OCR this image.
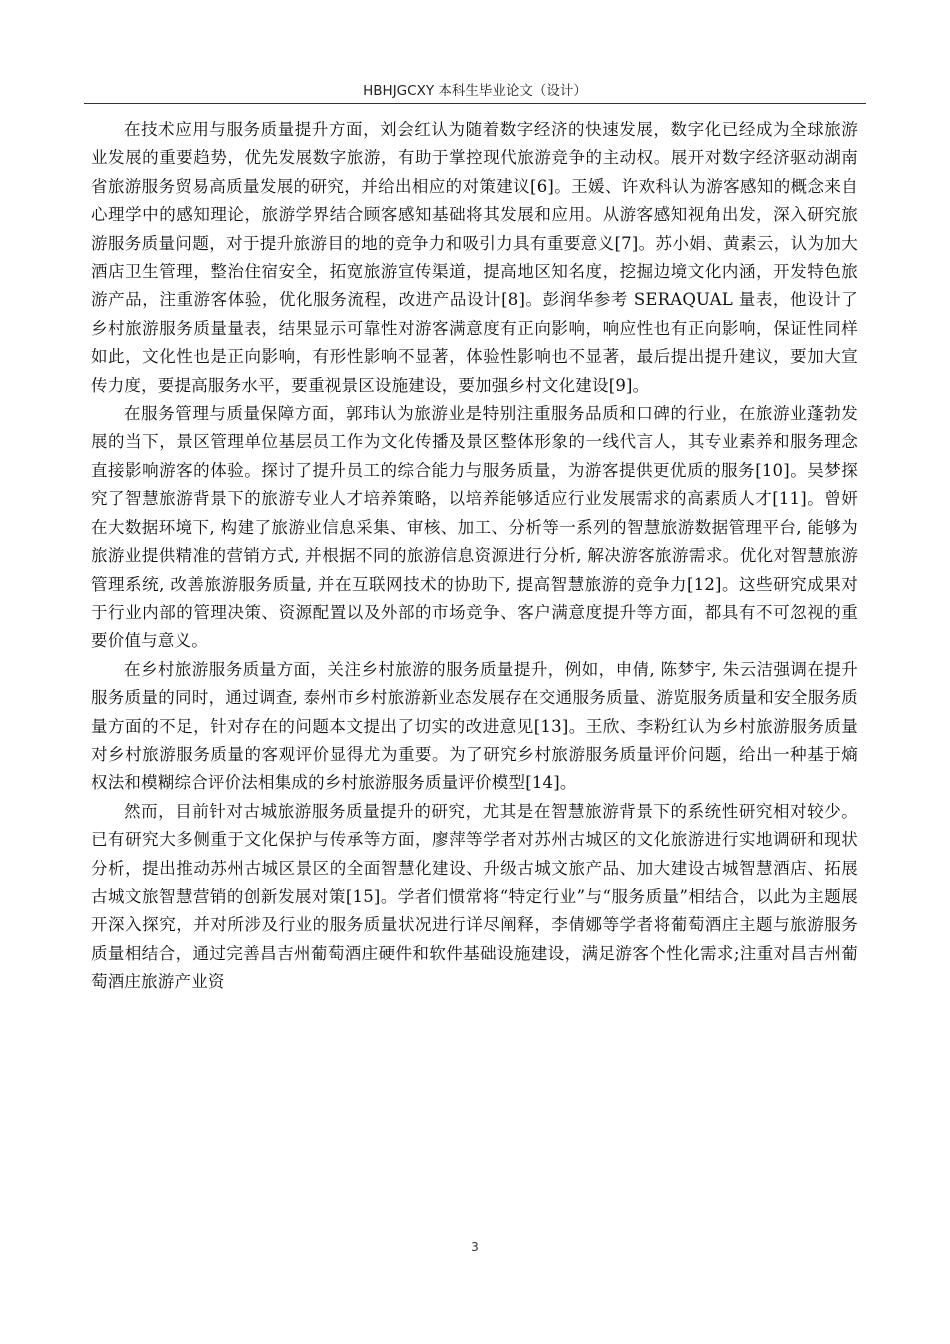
HBHJGCXY 本科生毕业论文（设计）

在技术应用与服务质量提升方面，刘会红认为随着数字经济的快速发展，数字化已经成为全球旅游业发展的重要趋势，优先发展数字旅游，有助于掌控现代旅游竞争的主动权。展开对数字经济驱动湖南省旅游服务贸易高质量发展的研究，并给出相应的对策建议[6]。王媛、许欢科认为游客感知的概念来自心理学中的感知理论，旅游学界结合顾客感知基础将其发展和应用。从游客感知视角出发，深入研究旅游服务质量问题，对于提升旅游目的地的竞争力和吸引力具有重要意义[7]。苏小娟、黄素云，认为加大酒店卫生管理，整治住宿安全，拓宽旅游宣传渠道，提高地区知名度，挖掘边境文化内涵，开发特色旅游产品，注重游客体验，优化服务流程，改进产品设计[8]。彭润华参考 SERAQUAL 量表，他设计了乡村旅游服务质量量表，结果显示可靠性对游客满意度有正向影响，响应性也有正向影响，保证性同样如此，文化性也是正向影响，有形性影响不显著，体验性影响也不显著，最后提出提升建议，要加大宣传力度，要提高服务水平，要重视景区设施建设，要加强乡村文化建设[9]。

在服务管理与质量保障方面，郭玮认为旅游业是特别注重服务品质和口碑的行业，在旅游业蓬勃发展的当下，景区管理单位基层员工作为文化传播及景区整体形象的一线代言人，其专业素养和服务理念直接影响游客的体验。探讨了提升员工的综合能力与服务质量，为游客提供更优质的服务[10]。吴梦探究了智慧旅游背景下的旅游专业人才培养策略，以培养能够适应行业发展需求的高素质人才[11]。曾妍在大数据环境下, 构建了旅游业信息采集、审核、加工、分析等一系列的智慧旅游数据管理平台, 能够为旅游业提供精准的营销方式, 并根据不同的旅游信息资源进行分析, 解决游客旅游需求。优化对智慧旅游管理系统, 改善旅游服务质量, 并在互联网技术的协助下, 提高智慧旅游的竞争力[12]。这些研究成果对于行业内部的管理决策、资源配置以及外部的市场竞争、客户满意度提升等方面，都具有不可忽视的重要价值与意义。

在乡村旅游服务质量方面，关注乡村旅游的服务质量提升，例如，申倩, 陈梦宇, 朱云洁强调在提升服务质量的同时，通过调查, 泰州市乡村旅游新业态发展存在交通服务质量、游览服务质量和安全服务质量方面的不足，针对存在的问题本文提出了切实的改进意见[13]。王欣、李粉红认为乡村旅游服务质量对乡村旅游服务质量的客观评价显得尤为重要。为了研究乡村旅游服务质量评价问题，给出一种基于熵权法和模糊综合评价法相集成的乡村旅游服务质量评价模型[14]。

然而，目前针对古城旅游服务质量提升的研究，尤其是在智慧旅游背景下的系统性研究相对较少。已有研究大多侧重于文化保护与传承等方面，廖萍等学者对苏州古城区的文化旅游进行实地调研和现状分析，提出推动苏州古城区景区的全面智慧化建设、升级古城文旅产品、加大建设古城智慧酒店、拓展古城文旅智慧营销的创新发展对策[15]。学者们惯常将“特定行业”与“服务质量”相结合，以此为主题展开深入探究，并对所涉及行业的服务质量状况进行详尽阐释，李倩娜等学者将葡萄酒庄主题与旅游服务质量相结合，通过完善昌吉州葡萄酒庄硬件和软件基础设施建设，满足游客个性化需求;注重对昌吉州葡萄酒庄旅游产业资

3
